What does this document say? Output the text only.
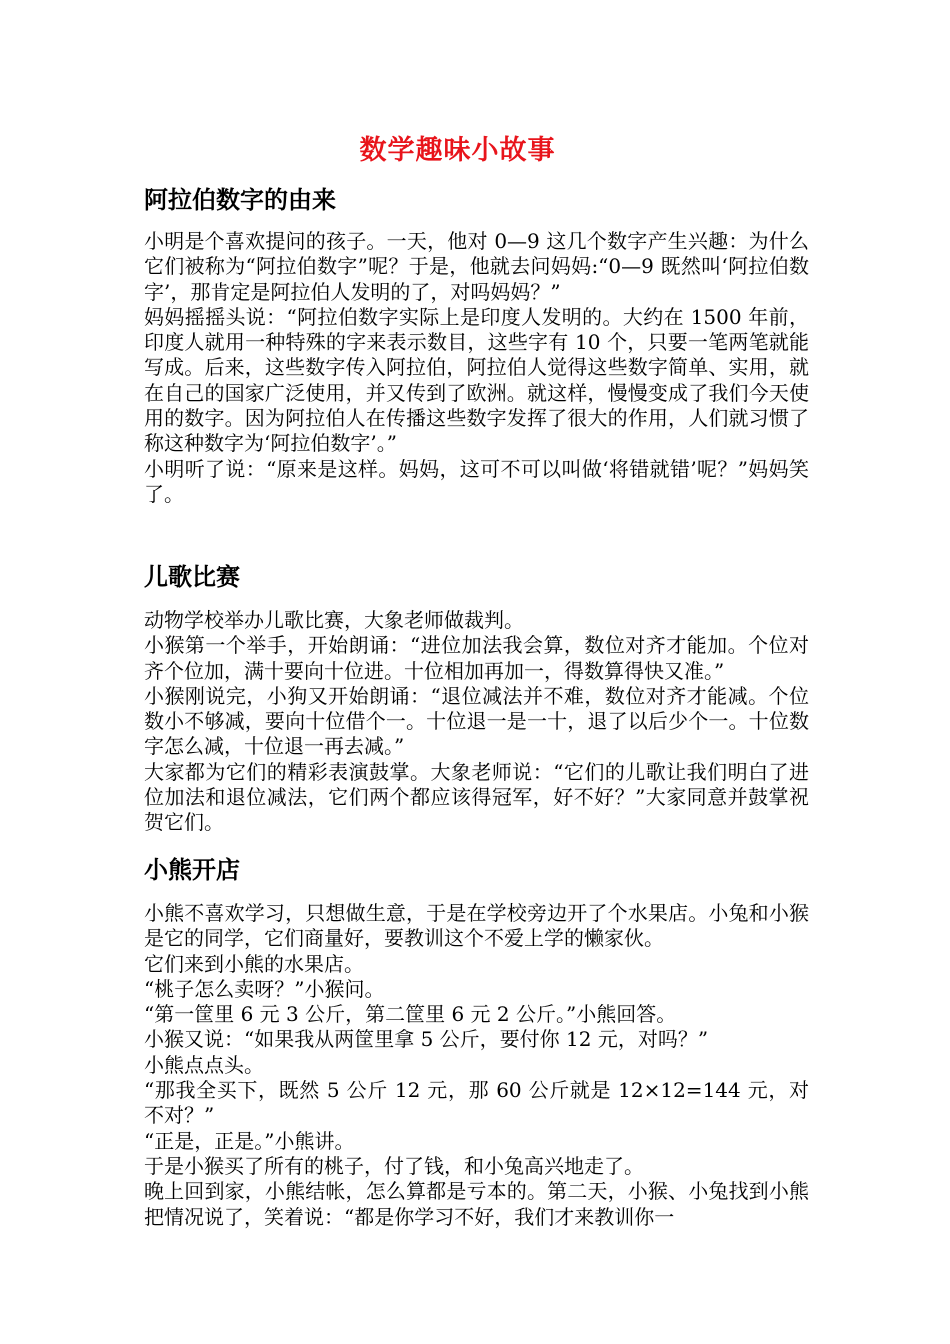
数学趣味小故事
阿拉伯数字的由来

小明是个喜欢提问的孩子。一天，他对 0—9 这几个数字产生兴趣：为什么它们被称为“阿拉伯数字”呢？于是，他就去问妈妈:“0—9 既然叫‘阿拉伯数字’，那肯定是阿拉伯人发明的了，对吗妈妈？”

妈妈摇摇头说：“阿拉伯数字实际上是印度人发明的。大约在 1500 年前，印度人就用一种特殊的字来表示数目，这些字有 10 个，只要一笔两笔就能写成。后来，这些数字传入阿拉伯，阿拉伯人觉得这些数字简单、实用，就在自己的国家广泛使用，并又传到了欧洲。就这样，慢慢变成了我们今天使用的数字。因为阿拉伯人在传播这些数字发挥了很大的作用，人们就习惯了称这种数字为‘阿拉伯数字’。”

小明听了说：“原来是这样。妈妈，这可不可以叫做‘将错就错’呢？”妈妈笑了。

儿歌比赛

动物学校举办儿歌比赛，大象老师做裁判。

小猴第一个举手，开始朗诵：“进位加法我会算，数位对齐才能加。个位对齐个位加，满十要向十位进。十位相加再加一，得数算得快又准。”

小猴刚说完，小狗又开始朗诵：“退位减法并不难，数位对齐才能减。个位数小不够减，要向十位借个一。十位退一是一十，退了以后少个一。十位数字怎么减，十位退一再去减。”

大家都为它们的精彩表演鼓掌。大象老师说：“它们的儿歌让我们明白了进位加法和退位减法，它们两个都应该得冠军，好不好？”大家同意并鼓掌祝贺它们。

小熊开店

小熊不喜欢学习，只想做生意，于是在学校旁边开了个水果店。小兔和小猴是它的同学，它们商量好，要教训这个不爱上学的懒家伙。

它们来到小熊的水果店。

“桃子怎么卖呀？”小猴问。

“第一筐里 6 元 3 公斤，第二筐里 6 元 2 公斤。”小熊回答。

小猴又说：“如果我从两筐里拿 5 公斤，要付你 12 元，对吗？”

小熊点点头。

“那我全买下，既然 5 公斤 12 元，那 60 公斤就是 12×12=144 元，对不对？”

“正是，正是。”小熊讲。

于是小猴买了所有的桃子，付了钱，和小兔高兴地走了。

晚上回到家，小熊结帐，怎么算都是亏本的。第二天，小猴、小兔找到小熊把情况说了，笑着说：“都是你学习不好，我们才来教训你一
